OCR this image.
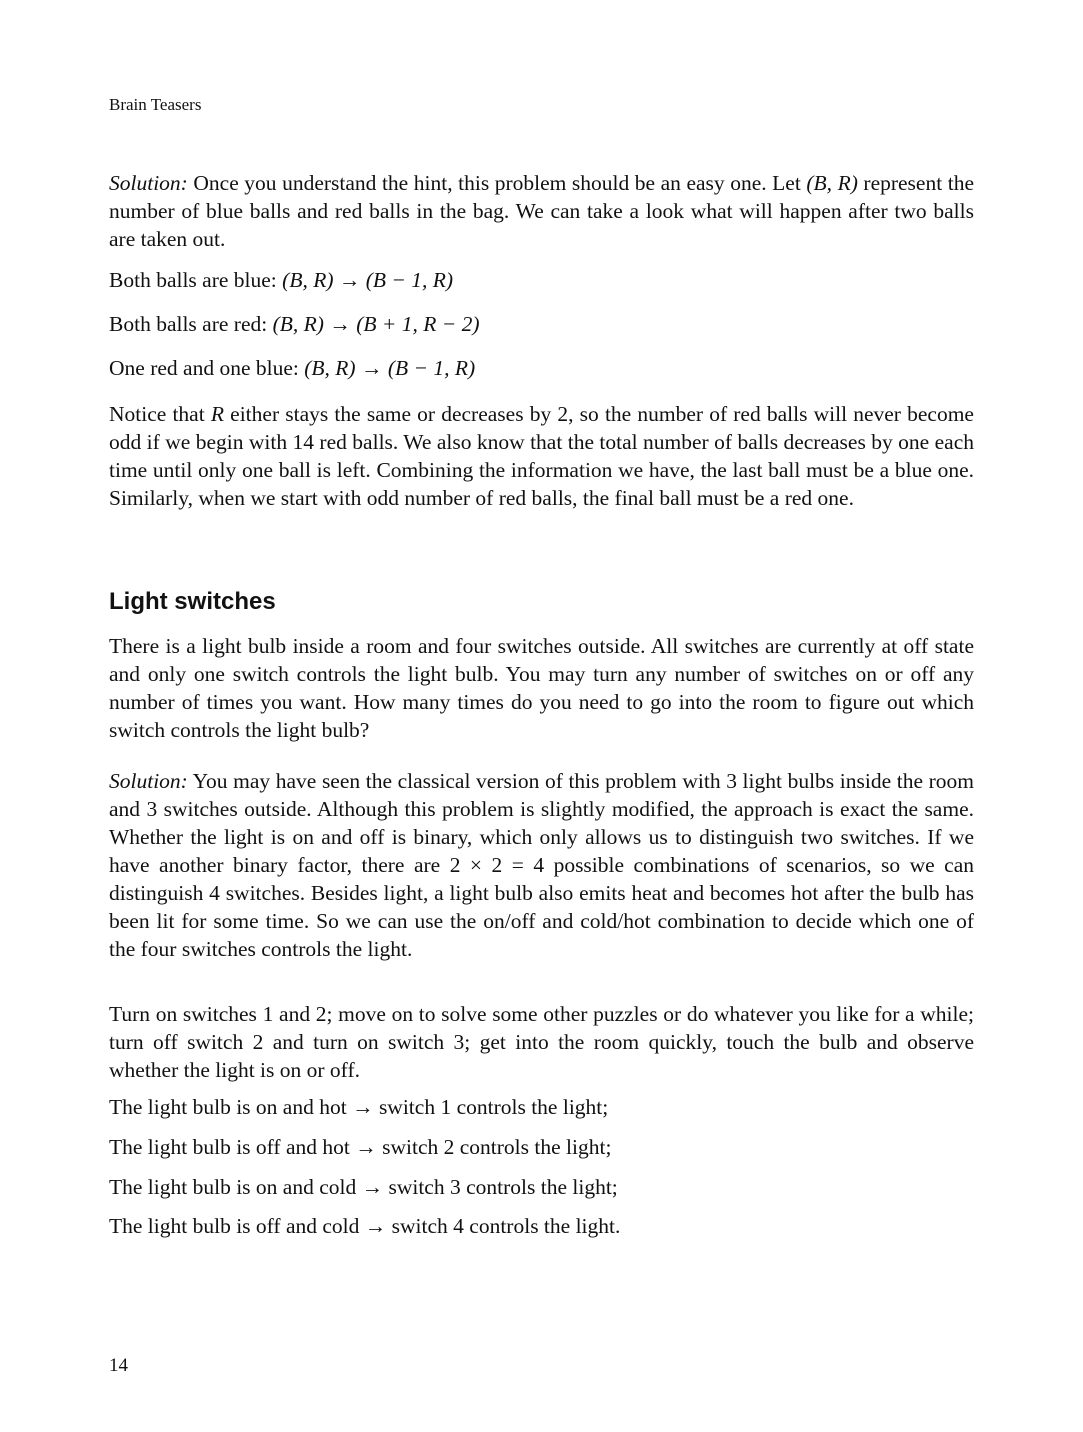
Brain Teasers

Solution: Once you understand the hint, this problem should be an easy one. Let (B, R) represent the number of blue balls and red balls in the bag. We can take a look what will happen after two balls are taken out.

Both balls are blue: (B, R) → (B − 1, R)
Both balls are red: (B, R) → (B + 1, R − 2)
One red and one blue: (B, R) → (B − 1, R)

Notice that R either stays the same or decreases by 2, so the number of red balls will never become odd if we begin with 14 red balls. We also know that the total number of balls decreases by one each time until only one ball is left. Combining the information we have, the last ball must be a blue one. Similarly, when we start with odd number of red balls, the final ball must be a red one.

Light switches

There is a light bulb inside a room and four switches outside. All switches are currently at off state and only one switch controls the light bulb. You may turn any number of switches on or off any number of times you want. How many times do you need to go into the room to figure out which switch controls the light bulb?

Solution: You may have seen the classical version of this problem with 3 light bulbs inside the room and 3 switches outside. Although this problem is slightly modified, the approach is exact the same. Whether the light is on and off is binary, which only allows us to distinguish two switches. If we have another binary factor, there are 2 × 2 = 4 possible combinations of scenarios, so we can distinguish 4 switches. Besides light, a light bulb also emits heat and becomes hot after the bulb has been lit for some time. So we can use the on/off and cold/hot combination to decide which one of the four switches controls the light.

Turn on switches 1 and 2; move on to solve some other puzzles or do whatever you like for a while; turn off switch 2 and turn on switch 3; get into the room quickly, touch the bulb and observe whether the light is on or off.

The light bulb is on and hot → switch 1 controls the light;
The light bulb is off and hot → switch 2 controls the light;
The light bulb is on and cold → switch 3 controls the light;
The light bulb is off and cold → switch 4 controls the light.
14
